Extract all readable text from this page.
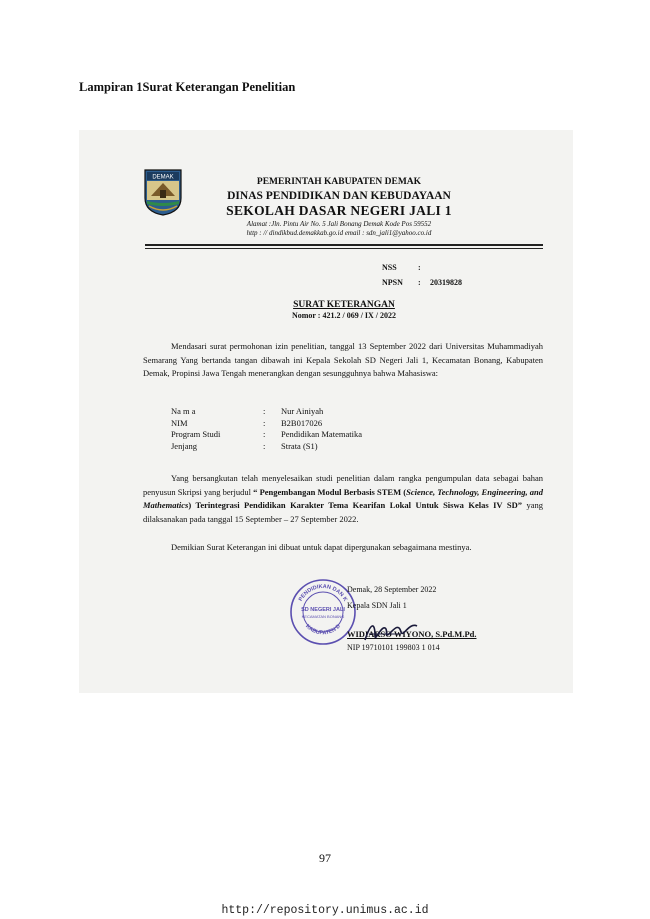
Lampiran 1Surat Keterangan Penelitian
DEMAK	PEMERINTAH KABUPATEN DEMAK
DINAS PENDIDIKAN DAN KEBUDAYAAN
SEKOLAH DASAR NEGERI JALI 1
Alamat :Jln. Pintu Air No. 5 Jali Bonang Demak Kode Pos 59552
http : // dindikbud.demakkab.go.id email : sdn_jali1@yahoo.co.id
NSS	:
NPSN : 20319828
SURAT KETERANGAN
Nomor : 421.2 / 069 / IX / 2022
Mendasari surat permohonan izin penelitian, tanggal 13 September 2022 dari Universitas Muhammadiyah Semarang Yang bertanda tangan dibawah ini Kepala Sekolah SD Negeri Jali 1, Kecamatan Bonang, Kabupaten Demak, Propinsi Jawa Tengah menerangkan dengan sesungguhnya bahwa Mahasiswa:
Na m a	: Nur Ainiyah
NIM	: B2B017026
Program Studi	: Pendidikan Matematika
Jenjang	: Strata (S1)
Yang bersangkutan telah menyelesaikan studi penelitian dalam rangka pengumpulan data sebagai bahan penyusun Skripsi yang berjudul “ Pengembangan Modul Berbasis STEM (Science, Technology, Engineering, and Mathematics) Terintegrasi Pendidikan Karakter Tema Kearifan Lokal Untuk Siswa Kelas IV SD” yang dilaksanakan pada tanggal 15 September – 27 September 2022.
Demikian Surat Keterangan ini dibuat untuk dapat dipergunakan sebagaimana mestinya.
PENDIDIKAN DAN K
KABUPATEN D
SD NEGERI JALI
KECAMATAN BONANG
Demak, 28 September 2022
Kepala SDN Jali 1
WIDIARSO WIYONO, S.Pd.M.Pd.
NIP 19710101 199803 1 014
97
http://repository.unimus.ac.id
